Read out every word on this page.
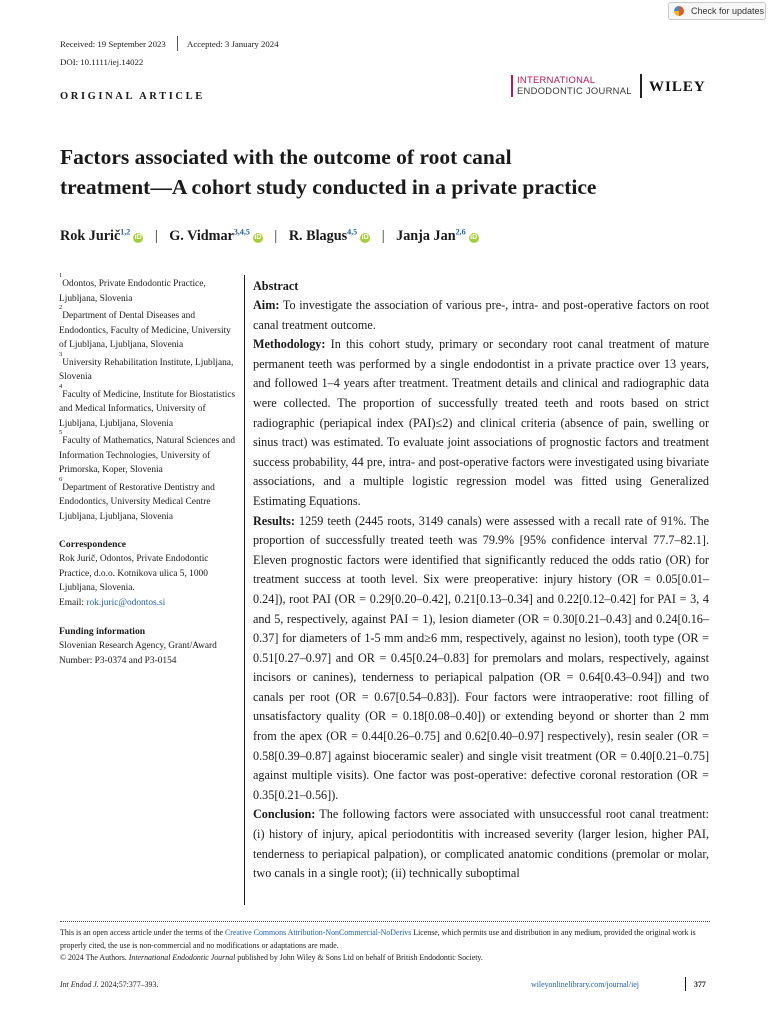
Check for updates
Received: 19 September 2023 Accepted: 3 January 2024
DOI: 10.1111/iej.14022
ORIGINAL ARTICLE
INTERNATIONAL
ENDODONTIC JOURNAL WILEY
Factors associated with the outcome of root canal
treatment—A cohort study conducted in a private practice
Rok Jurič$^{1,2}$iD | G. Vidmar$^{3,4,5}$iD | R. Blagus$^{4,5}$iD | Janja Jan$^{2,6}$iD
$^1$Odontos, Private Endodontic Practice, Ljubljana, Slovenia
$^2$Department of Dental Diseases and Endodontics, Faculty of Medicine, University of Ljubljana, Ljubljana, Slovenia
$^3$University Rehabilitation Institute, Ljubljana, Slovenia
$^4$Faculty of Medicine, Institute for Biostatistics and Medical Informatics, University of Ljubljana, Ljubljana, Slovenia
$^5$Faculty of Mathematics, Natural Sciences and Information Technologies, University of Primorska, Koper, Slovenia
$^6$Department of Restorative Dentistry and Endodontics, University Medical Centre Ljubljana, Ljubljana, Slovenia
Correspondence
Rok Jurič, Odontos, Private Endodontic Practice, d.o.o. Kotnikova ulica 5, 1000 Ljubljana, Slovenia.
Email: rok.juric@odontos.si
Funding information
Slovenian Research Agency, Grant/Award Number: P3-0374 and P3-0154
Abstract

Aim: To investigate the association of various pre-, intra- and post-operative factors on root canal treatment outcome.

Methodology: In this cohort study, primary or secondary root canal treatment of mature permanent teeth was performed by a single endodontist in a private practice over 13 years, and followed 1–4 years after treatment. Treatment details and clinical and radiographic data were collected. The proportion of successfully treated teeth and roots based on strict radiographic (periapical index (PAI)≤2) and clinical criteria (absence of pain, swelling or sinus tract) was estimated. To evaluate joint associations of prognostic factors and treatment success probability, 44 pre, intra- and post-operative factors were investigated using bivariate associations, and a multiple logistic regression model was fitted using Generalized Estimating Equations.

Results: 1259 teeth (2445 roots, 3149 canals) were assessed with a recall rate of 91%. The proportion of successfully treated teeth was 79.9% [95% confidence interval 77.7–82.1]. Eleven prognostic factors were identified that significantly reduced the odds ratio (OR) for treatment success at tooth level. Six were preoperative: injury history (OR = 0.05[0.01–0.24]), root PAI (OR = 0.29[0.20–0.42], 0.21[0.13–0.34] and 0.22[0.12–0.42] for PAI = 3, 4 and 5, respectively, against PAI = 1), lesion diameter (OR = 0.30[0.21–0.43] and 0.24[0.16–0.37] for diameters of 1-5 mm and≥6 mm, respectively, against no lesion), tooth type (OR = 0.51[0.27–0.97] and OR = 0.45[0.24–0.83] for premolars and molars, respectively, against incisors or canines), tenderness to periapical palpation (OR = 0.64[0.43–0.94]) and two canals per root (OR = 0.67[0.54–0.83]). Four factors were intraoperative: root filling of unsatisfactory quality (OR = 0.18[0.08–0.40]) or extending beyond or shorter than 2 mm from the apex (OR = 0.44[0.26–0.75] and 0.62[0.40–0.97] respectively), resin sealer (OR = 0.58[0.39–0.87] against bioceramic sealer) and single visit treatment (OR = 0.40[0.21–0.75] against multiple visits). One factor was post-operative: defective coronal restoration (OR = 0.35[0.21–0.56]).

Conclusion: The following factors were associated with unsuccessful root canal treatment: (i) history of injury, apical periodontitis with increased severity (larger lesion, higher PAI, tenderness to periapical palpation), or complicated anatomic conditions (premolar or molar, two canals in a single root); (ii) technically suboptimal

This is an open access article under the terms of the Creative Commons Attribution-NonCommercial-NoDerivs License, which permits use and distribution in any medium, provided the original work is properly cited, the use is non-commercial and no modifications or adaptations are made.
© 2024 The Authors. International Endodontic Journal published by John Wiley & Sons Ltd on behalf of British Endodontic Society.
Int Endod J. 2024;57:377–393.	wileyonlinelibrary.com/journal/iej	377
